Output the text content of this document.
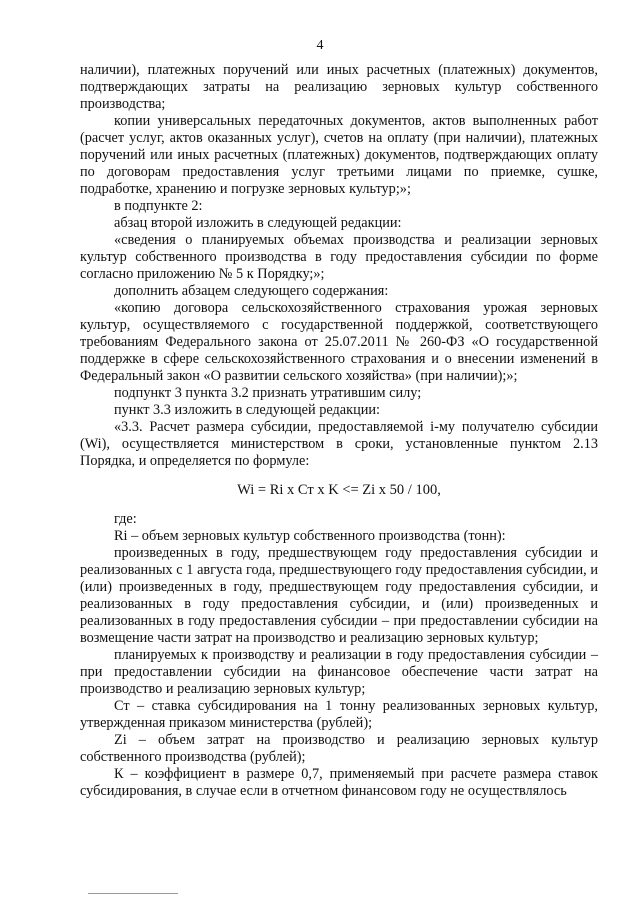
4

наличии), платежных поручений или иных расчетных (платежных) документов, подтверждающих затраты на реализацию зерновых культур собственного производства;

копии универсальных передаточных документов, актов выполненных работ (расчет услуг, актов оказанных услуг), счетов на оплату (при наличии), платежных поручений или иных расчетных (платежных) документов, подтверждающих оплату по договорам предоставления услуг третьими лицами по приемке, сушке, подработке, хранению и погрузке зерновых культур;»;

в подпункте 2:

абзац второй изложить в следующей редакции:

«сведения о планируемых объемах производства и реализации зерновых культур собственного производства в году предоставления субсидии по форме согласно приложению № 5 к Порядку;»;

дополнить абзацем следующего содержания:

«копию договора сельскохозяйственного страхования урожая зерновых культур, осуществляемого с государственной поддержкой, соответствующего требованиям Федерального закона от 25.07.2011 № 260-ФЗ «О государственной поддержке в сфере сельскохозяйственного страхования и о внесении изменений в Федеральный закон «О развитии сельского хозяйства» (при наличии);»;

подпункт 3 пункта 3.2 признать утратившим силу;

пункт 3.3 изложить в следующей редакции:

«3.3. Расчет размера субсидии, предоставляемой i-му получателю субсидии (Wi), осуществляется министерством в сроки, установленные пунктом 2.13 Порядка, и определяется по формуле:

Wi = Ri x Ст x K <= Zi x 50 / 100,

где:

Ri – объем зерновых культур собственного производства (тонн):

произведенных в году, предшествующем году предоставления субсидии и реализованных с 1 августа года, предшествующего году предоставления субсидии, и (или) произведенных в году, предшествующем году предоставления субсидии, и реализованных в году предоставления субсидии, и (или) произведенных и реализованных в году предоставления субсидии – при предоставлении субсидии на возмещение части затрат на производство и реализацию зерновых культур;

планируемых к производству и реализации в году предоставления субсидии – при предоставлении субсидии на финансовое обеспечение части затрат на производство и реализацию зерновых культур;

Ст – ставка субсидирования на 1 тонну реализованных зерновых культур, утвержденная приказом министерства (рублей);

Zi – объем затрат на производство и реализацию зерновых культур собственного производства (рублей);

К – коэффициент в размере 0,7, применяемый при расчете размера ставок субсидирования, в случае если в отчетном финансовом году не осуществлялось
